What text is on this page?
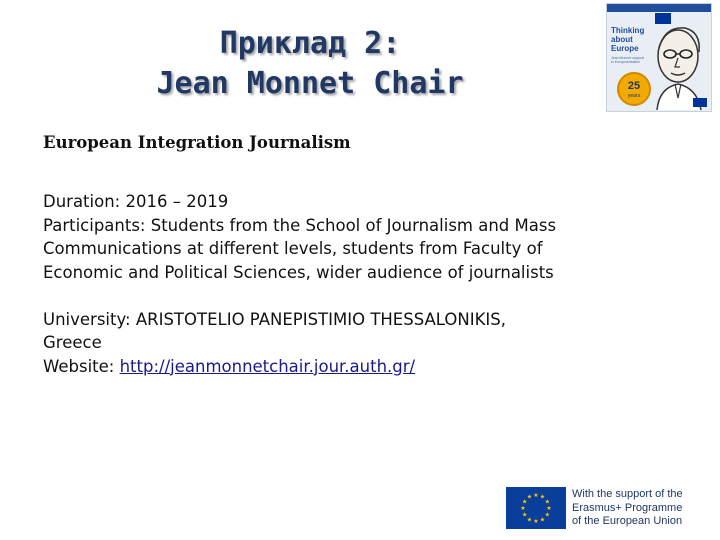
Приклад 2:
Jean Monnet Chair
Thinking about Europe
Jean Monnet support to Europeanisation
25
years
European Integration Journalism
Duration: 2016 – 2019
Participants: Students from the School of Journalism and Mass
Communications at different levels, students from Faculty of
Economic and Political Sciences, wider audience of journalists
University: ARISTOTELIO PANEPISTIMIO THESSALONIKIS,
Greece
Website: http://jeanmonnetchair.jour.auth.gr/
★ ★
★
★
★
★
★
★
★
★
★
★	With the support of the
Erasmus+ Programme
of the European Union
